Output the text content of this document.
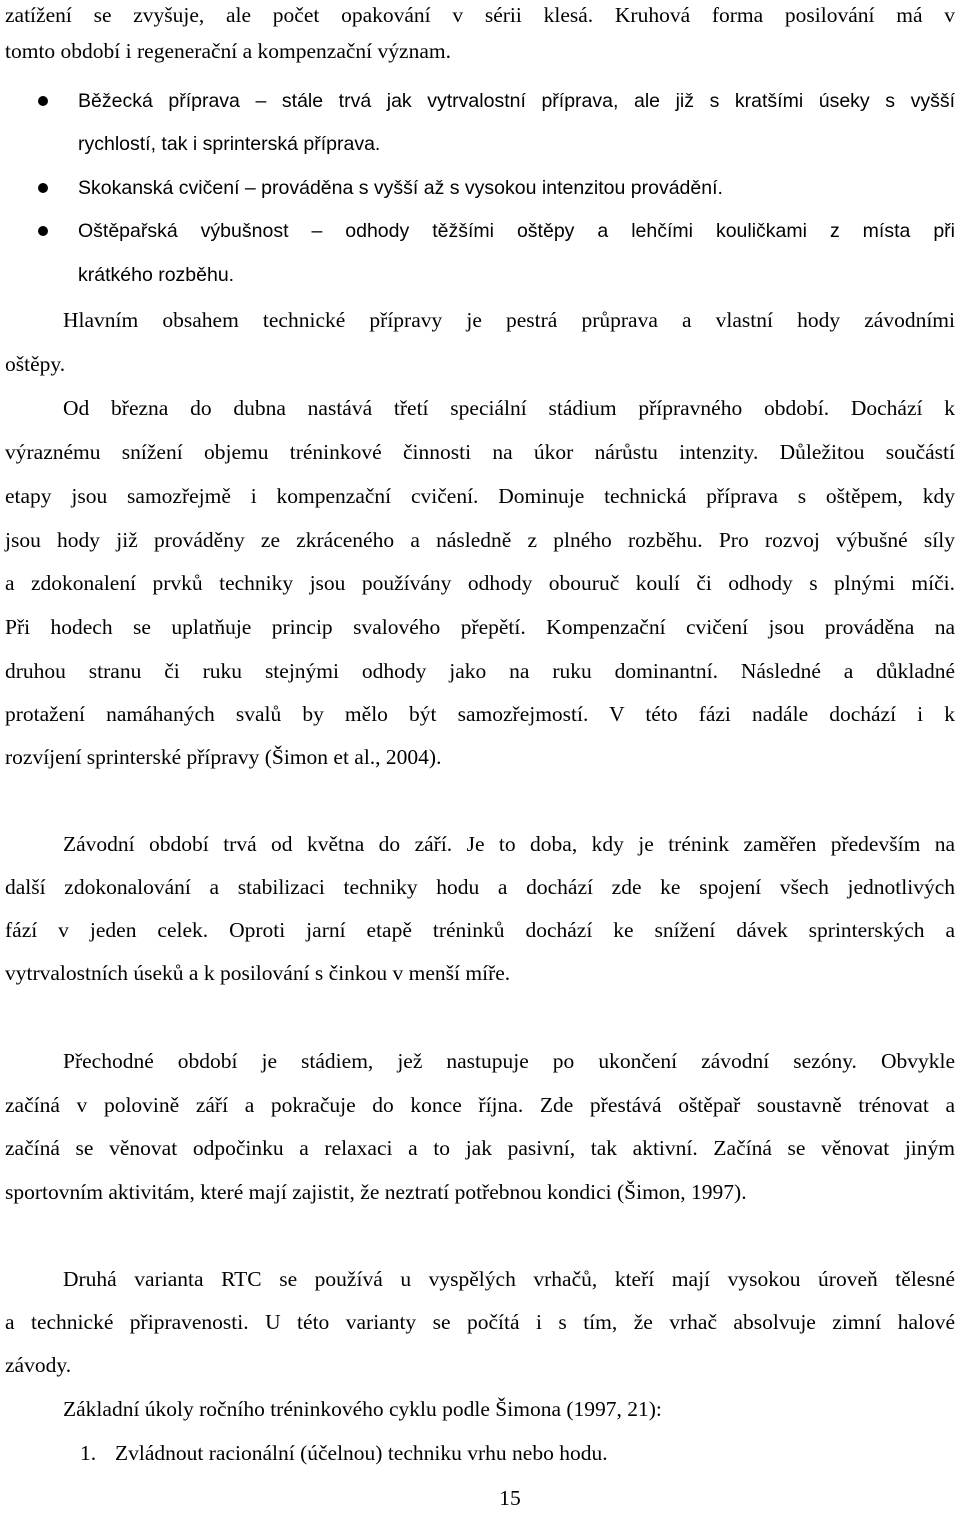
zatížení se zvyšuje, ale počet opakování v sérii klesá. Kruhová forma posilování má v
tomto období i regenerační a kompenzační význam.
Běžecká příprava – stále trvá jak vytrvalostní příprava, ale již s kratšími úseky s vyšší
rychlostí, tak i sprinterská příprava.
Skokanská cvičení – prováděna s vyšší až s vysokou intenzitou provádění.
Oštěpařská výbušnost – odhody těžšími oštěpy a lehčími kouličkami z místa při
krátkého rozběhu.
Hlavním obsahem technické přípravy je pestrá průprava a vlastní hody závodními
oštěpy.
Od března do dubna nastává třetí speciální stádium přípravného období. Dochází k
výraznému snížení objemu tréninkové činnosti na úkor nárůstu intenzity. Důležitou součástí
etapy jsou samozřejmě i kompenzační cvičení. Dominuje technická příprava s oštěpem, kdy
jsou hody již prováděny ze zkráceného a následně z plného rozběhu. Pro rozvoj výbušné síly
a zdokonalení prvků techniky jsou používány odhody obouruč koulí či odhody s plnými míči.
Při hodech se uplatňuje princip svalového přepětí. Kompenzační cvičení jsou prováděna na
druhou stranu či ruku stejnými odhody jako na ruku dominantní. Následné a důkladné
protažení namáhaných svalů by mělo být samozřejmostí. V této fázi nadále dochází i k
rozvíjení sprinterské přípravy (Šimon et al., 2004).
Závodní období trvá od května do září. Je to doba, kdy je trénink zaměřen především na
další zdokonalování a stabilizaci techniky hodu a dochází zde ke spojení všech jednotlivých
fází v jeden celek. Oproti jarní etapě tréninků dochází ke snížení dávek sprinterských a
vytrvalostních úseků a k posilování s činkou v menší míře.
Přechodné období je stádiem, jež nastupuje po ukončení závodní sezóny. Obvykle
začíná v polovině září a pokračuje do konce října. Zde přestává oštěpař soustavně trénovat a
začíná se věnovat odpočinku a relaxaci a to jak pasivní, tak aktivní. Začíná se věnovat jiným
sportovním aktivitám, které mají zajistit, že neztratí potřebnou kondici (Šimon, 1997).
Druhá varianta RTC se používá u vyspělých vrhačů, kteří mají vysokou úroveň tělesné
a technické připravenosti. U této varianty se počítá i s tím, že vrhač absolvuje zimní halové
závody.
Základní úkoly ročního tréninkového cyklu podle Šimona (1997, 21):
1. Zvládnout racionální (účelnou) techniku vrhu nebo hodu.
15
